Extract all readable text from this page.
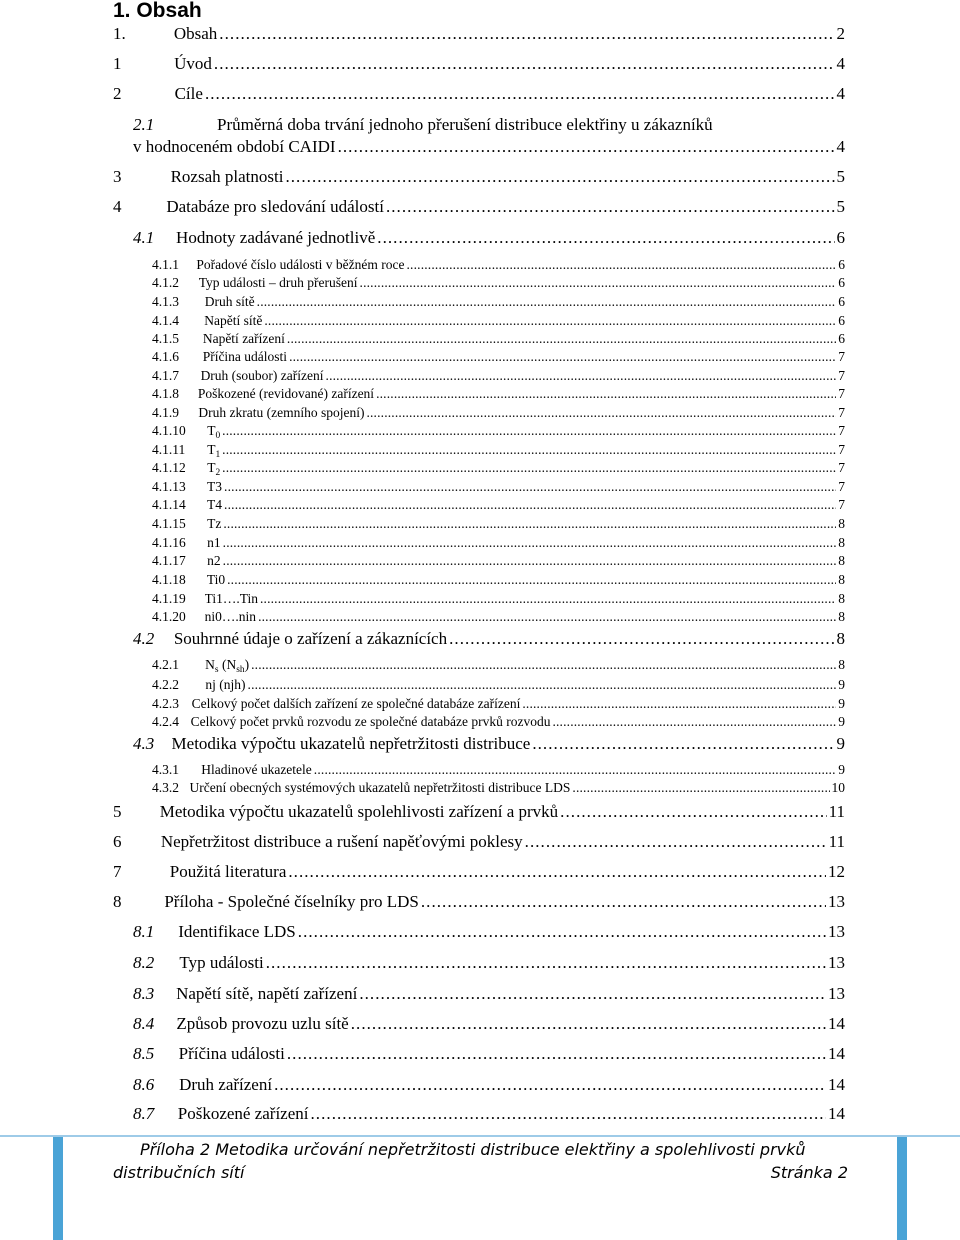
1. Obsah
1.	Obsah . . .	2
1	Úvod . . .	4
2	Cíle . . .	4
2.1	Průměrná doba trvání jednoho přerušení distribuce elektřiny u zákazníků
v hodnoceném období CAIDI . . .	4
3	Rozsah platnosti . . .	5
4	Databáze pro sledování událostí . . .	5
4.1	Hodnoty zadávané jednotlivě . . .	6
4.1.1	Pořadové číslo události v běžném roce . . .	6
4.1.2	Typ události – druh přerušení . . .	6
4.1.3	Druh sítě . . .	6
4.1.4	Napětí sítě . . .	6
4.1.5	Napětí zařízení . . .	6
4.1.6	Příčina události . . .	7
4.1.7	Druh (soubor) zařízení . . .	7
4.1.8	Poškozené (revidované) zařízení . . .	7
4.1.9	Druh zkratu (zemního spojení) . . .	7
4.1.10	$T_0$ . . .	7
4.1.11	$T_1$ . . .	7
4.1.12	$T_2$ . . .	7
4.1.13	T3 . . .	7
4.1.14	T4 . . .	7
4.1.15	Tz . . .	8
4.1.16	n1 . . .	8
4.1.17	n2 . . .	8
4.1.18	Ti0 . . .	8
4.1.19	Ti1….Tin . . .	8
4.1.20	ni0….nin . . .	8
4.2	Souhrnné údaje o zařízení a zákaznících . . .	8
4.2.1	$N_s$ $(N_{sh})$ . . .	8
4.2.2	nj (njh) . . .	9
4.2.3 Celkový počet dalších zařízení ze společné databáze zařízení . . .	9
4.2.4 Celkový počet prvků rozvodu ze společné databáze prvků rozvodu . . .	9
4.3	Metodika výpočtu ukazatelů nepřetržitosti distribuce . . .	9
4.3.1	Hladinové ukazetele . . .	9
4.3.2 Určení obecných systémových ukazatelů nepřetržitosti distribuce LDS . . .	10
5	Metodika výpočtu ukazatelů spolehlivosti zařízení a prvků . . .	11
6	Nepřetržitost distribuce a rušení napěťovými poklesy . . .	11
7	Použitá literatura . . .	12
8	Příloha - Společné číselníky pro LDS . . .	13
8.1	Identifikace LDS . . .	13
8.2	Typ události . . .	13
8.3	Napětí sítě, napětí zařízení . . .	13
8.4	Způsob provozu uzlu sítě . . .	14
8.5	Příčina události . . .	14
8.6	Druh zařízení . . .	14
8.7	Poškozené zařízení . . .	14
Příloha 2 Metodika určování nepřetržitosti distribuce elektřiny a spolehlivosti prvků
distribučních sítí	Stránka 2
